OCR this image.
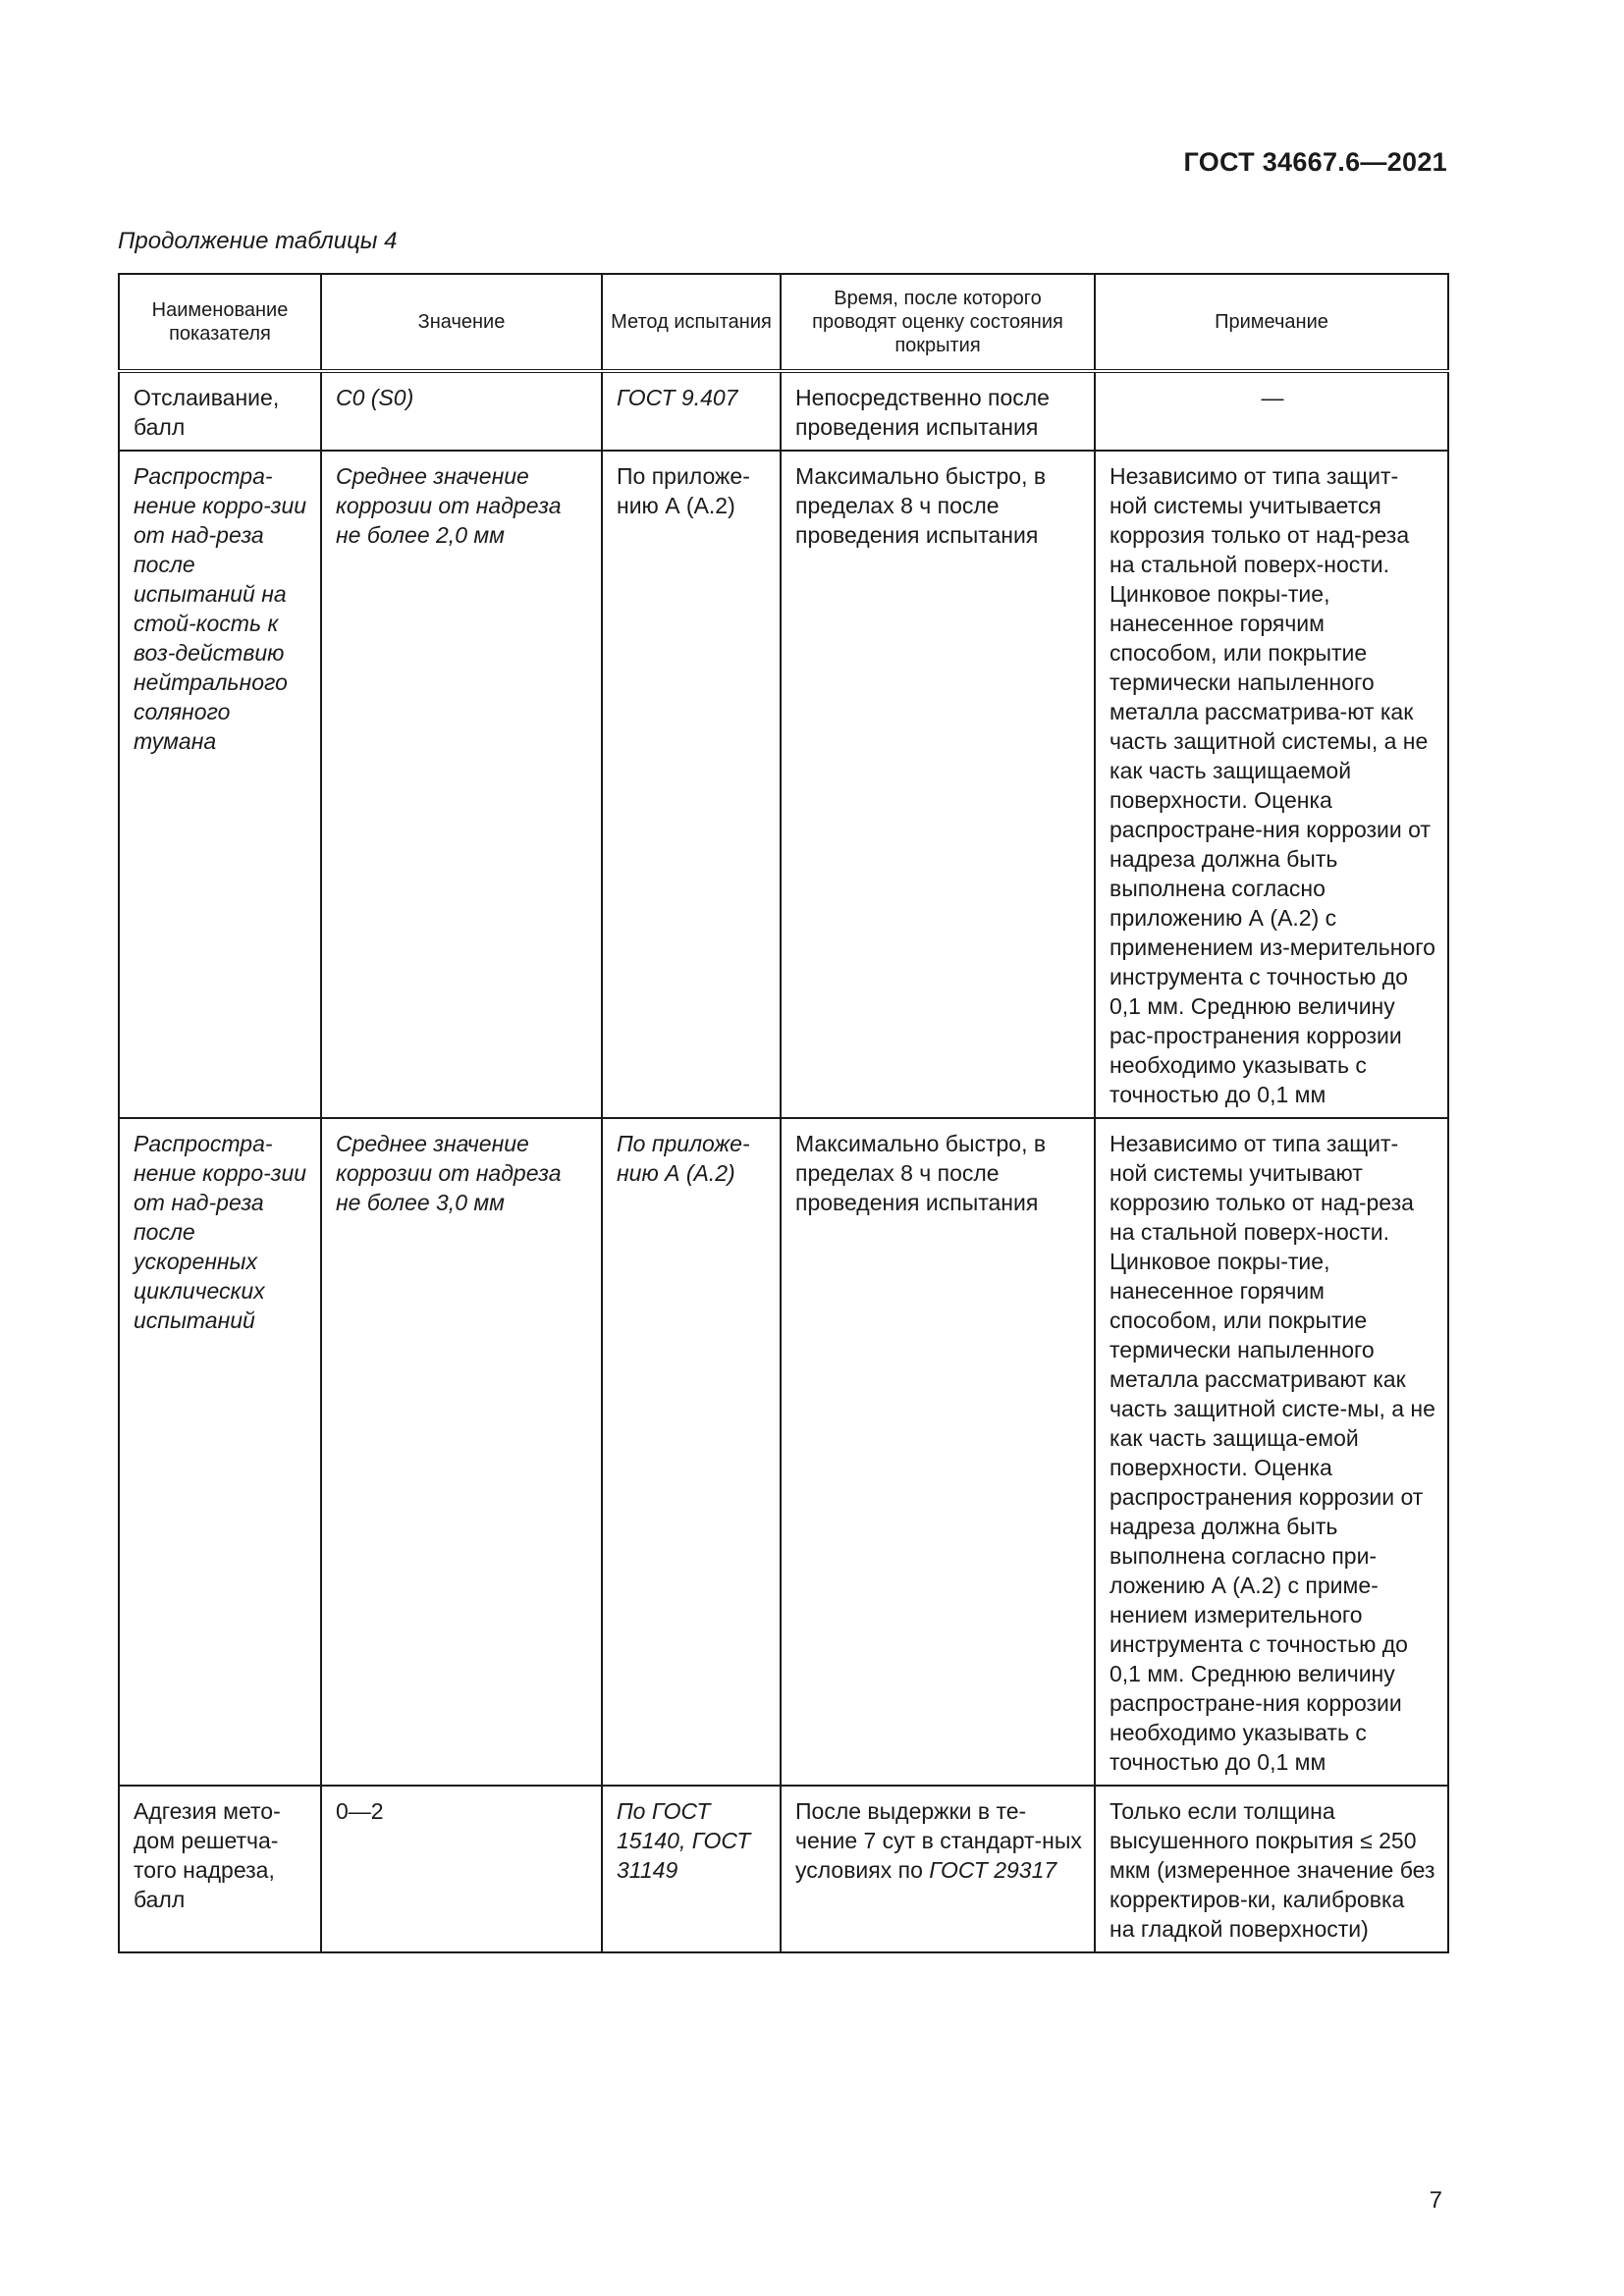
ГОСТ 34667.6—2021
Продолжение таблицы 4
Наименование показателя	Значение	Метод испытания	Время, после которого проводят оценку состояния покрытия	Примечание
Отслаивание, балл	C0 (S0)	ГОСТ 9.407	Непосредственно после проведения испытания	—
Распростра-нение корро-зии от над-реза после испытаний на стой-кость к воз-действию нейтрального соляного тумана	Среднее значение коррозии от надреза не более 2,0 мм	По приложе-нию А (А.2)	Максимально быстро, в пределах 8 ч после проведения испытания	Независимо от типа защит-ной системы учитывается коррозия только от над-реза на стальной поверх-ности. Цинковое покры-тие, нанесенное горячим способом, или покрытие термически напыленного металла рассматрива-ют как часть защитной системы, а не как часть защищаемой поверхности. Оценка распростране-ния коррозии от надреза должна быть выполнена согласно приложению А (А.2) с применением из-мерительного инструмента с точностью до 0,1 мм. Среднюю величину рас-пространения коррозии необходимо указывать с точностью до 0,1 мм
Распростра-нение корро-зии от над-реза после ускоренных циклических испытаний	Среднее значение коррозии от надреза не более 3,0 мм	По приложе-нию А (А.2)	Максимально быстро, в пределах 8 ч после проведения испытания	Независимо от типа защит-ной системы учитывают коррозию только от над-реза на стальной поверх-ности. Цинковое покры-тие, нанесенное горячим способом, или покрытие термически напыленного металла рассматривают как часть защитной систе-мы, а не как часть защища-емой поверхности. Оценка распространения коррозии от надреза должна быть выполнена согласно при-ложению А (А.2) с приме-нением измерительного инструмента с точностью до 0,1 мм. Среднюю величину распростране-ния коррозии необходимо указывать с точностью до 0,1 мм
Адгезия мето-дом решетча-того надреза, балл	0—2	По ГОСТ 15140, ГОСТ 31149	После выдержки в те-чение 7 сут в стандарт-ных условиях по ГОСТ 29317	Только если толщина высушенного покрытия ≤ 250 мкм (измеренное значение без корректиров-ки, калибровка на гладкой поверхности)
7
